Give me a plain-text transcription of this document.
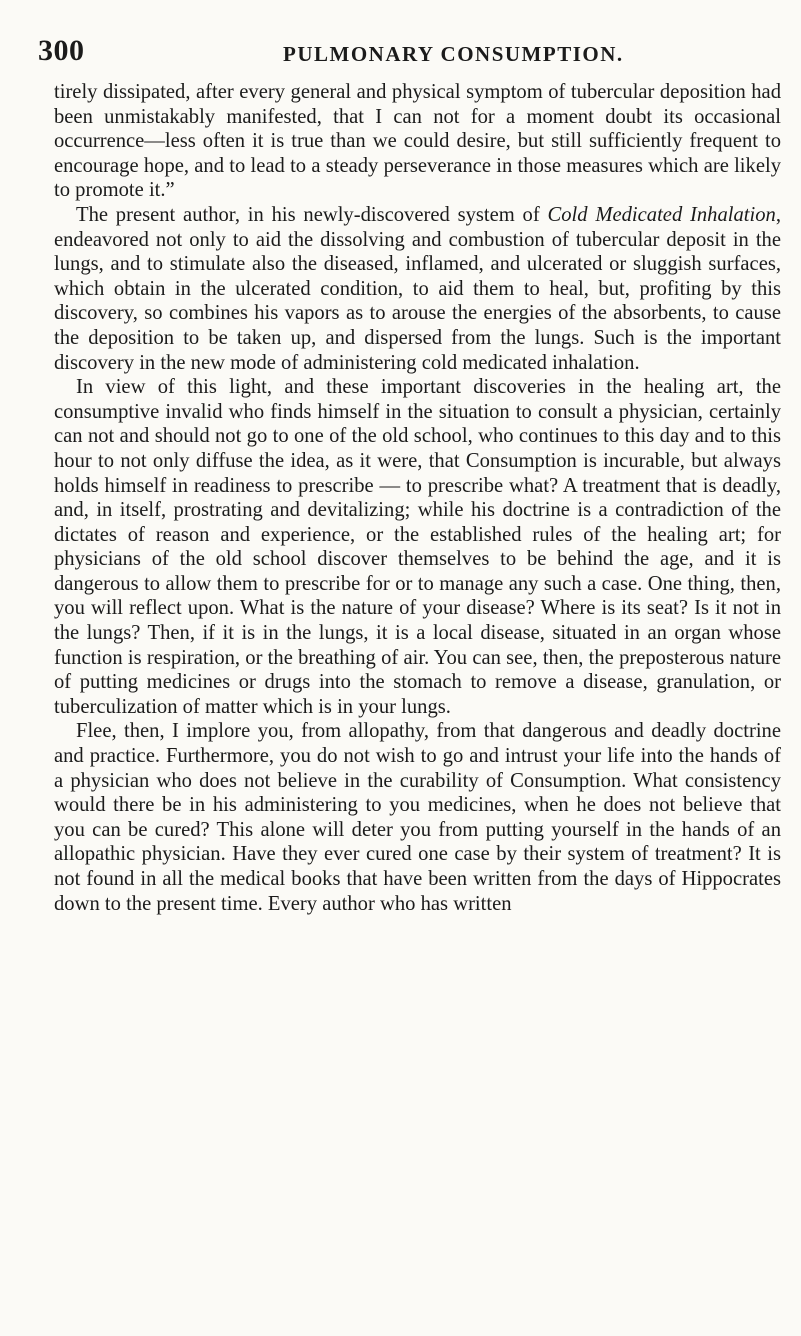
300	PULMONARY CONSUMPTION.

tirely dissipated, after every general and physical symptom of tubercular deposition had been unmistakably manifested, that I can not for a moment doubt its occasional occurrence—less often it is true than we could desire, but still sufficiently frequent to encourage hope, and to lead to a steady perseverance in those measures which are likely to promote it.”

The present author, in his newly-discovered system of Cold Medicated Inhalation, endeavored not only to aid the dissolving and combustion of tubercular deposit in the lungs, and to stimulate also the diseased, inflamed, and ulcerated or sluggish surfaces, which obtain in the ulcerated condition, to aid them to heal, but, profiting by this discovery, so combines his vapors as to arouse the energies of the absorbents, to cause the deposition to be taken up, and dispersed from the lungs. Such is the important discovery in the new mode of administering cold medicated inhalation.

In view of this light, and these important discoveries in the healing art, the consumptive invalid who finds himself in the situation to consult a physician, certainly can not and should not go to one of the old school, who continues to this day and to this hour to not only diffuse the idea, as it were, that Consumption is incurable, but always holds himself in readiness to prescribe — to prescribe what? A treatment that is deadly, and, in itself, prostrating and devitalizing; while his doctrine is a contradiction of the dictates of reason and experience, or the established rules of the healing art; for physicians of the old school discover themselves to be behind the age, and it is dangerous to allow them to prescribe for or to manage any such a case. One thing, then, you will reflect upon. What is the nature of your disease? Where is its seat? Is it not in the lungs? Then, if it is in the lungs, it is a local disease, situated in an organ whose function is respiration, or the breathing of air. You can see, then, the preposterous nature of putting medicines or drugs into the stomach to remove a disease, granulation, or tuberculization of matter which is in your lungs.

Flee, then, I implore you, from allopathy, from that dangerous and deadly doctrine and practice. Furthermore, you do not wish to go and intrust your life into the hands of a physician who does not believe in the curability of Consumption. What consistency would there be in his administering to you medicines, when he does not believe that you can be cured? This alone will deter you from putting yourself in the hands of an allopathic physician. Have they ever cured one case by their system of treatment? It is not found in all the medical books that have been written from the days of Hippocrates down to the present time. Every author who has written
